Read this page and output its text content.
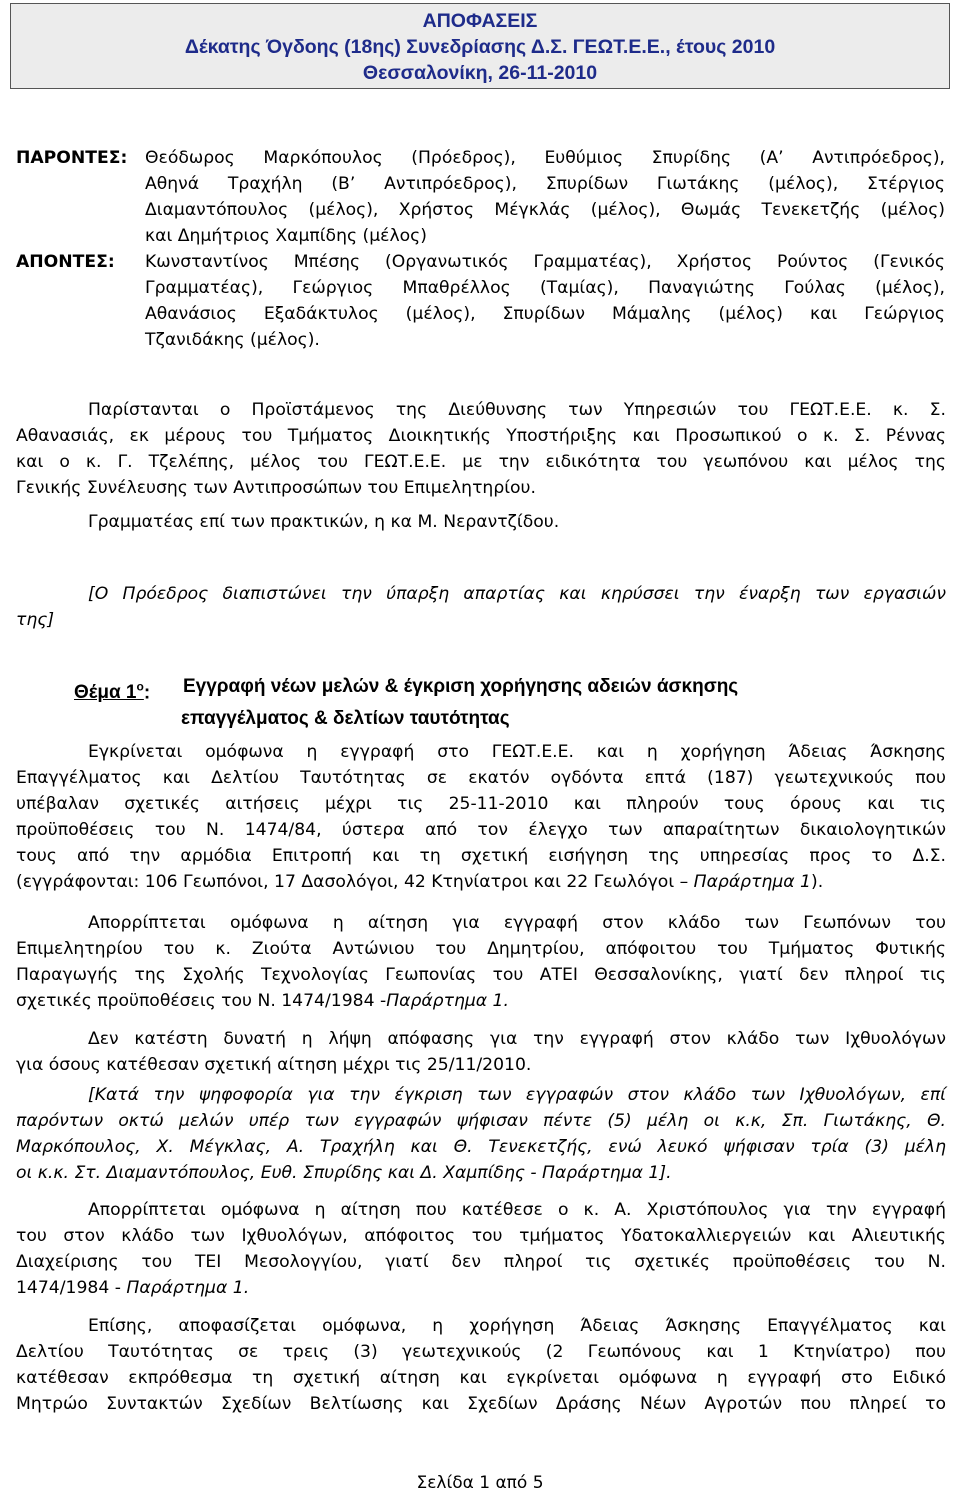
ΑΠΟΦΑΣΕΙΣ
Δέκατης Όγδοης (18ης) Συνεδρίασης Δ.Σ. ΓΕΩΤ.Ε.Ε., έτους 2010
Θεσσαλονίκη, 26-11-2010
ΠΑΡΟΝΤΕΣ: Θεόδωρος Μαρκόπουλος (Πρόεδρος), Ευθύμιος Σπυρίδης (Α’ Αντιπρόεδρος),
Αθηνά Τραχήλη (Β’ Αντιπρόεδρος), Σπυρίδων Γιωτάκης (μέλος), Στέργιος
Διαμαντόπουλος (μέλος), Χρήστος Μέγκλάς (μέλος), Θωμάς Τενεκετζής (μέλος)
και Δημήτριος Χαμπίδης (μέλος)
ΑΠΟΝΤΕΣ: Κωνσταντίνος Μπέσης (Οργανωτικός Γραμματέας), Χρήστος Ρούντος (Γενικός
Γραμματέας), Γεώργιος Μπαθρέλλος (Ταμίας), Παναγιώτης Γούλας (μέλος),
Αθανάσιος Εξαδάκτυλος (μέλος), Σπυρίδων Μάμαλης (μέλος) και Γεώργιος
Τζανιδάκης (μέλος).
Παρίστανται ο Προϊστάμενος της Διεύθυνσης των Υπηρεσιών του ΓΕΩΤ.Ε.Ε. κ. Σ.
Αθανασιάς, εκ μέρους του Τμήματος Διοικητικής Υποστήριξης και Προσωπικού ο κ. Σ. Ρέννας
και ο κ. Γ. Τζελέπης, μέλος του ΓΕΩΤ.Ε.Ε. με την ειδικότητα του γεωπόνου και μέλος της
Γενικής Συνέλευσης των Αντιπροσώπων του Επιμελητηρίου.
Γραμματέας επί των πρακτικών, η κα Μ. Νεραντζίδου.
[Ο Πρόεδρος διαπιστώνει την ύπαρξη απαρτίας και κηρύσσει την έναρξη των εργασιών
της]
Θέμα $1^o$: Εγγραφή νέων μελών & έγκριση χορήγησης αδειών άσκησης
επαγγέλματος & δελτίων ταυτότητας
Εγκρίνεται ομόφωνα η εγγραφή στο ΓΕΩΤ.Ε.Ε. και η χορήγηση Άδειας Άσκησης
Επαγγέλματος και Δελτίου Ταυτότητας σε εκατόν ογδόντα επτά (187) γεωτεχνικούς που
υπέβαλαν σχετικές αιτήσεις μέχρι τις 25-11-2010 και πληρούν τους όρους και τις
προϋποθέσεις του Ν. 1474/84, ύστερα από τον έλεγχο των απαραίτητων δικαιολογητικών
τους από την αρμόδια Επιτροπή και τη σχετική εισήγηση της υπηρεσίας προς το Δ.Σ.
(εγγράφονται: 106 Γεωπόνοι, 17 Δασολόγοι, 42 Κτηνίατροι και 22 Γεωλόγοι – Παράρτημα 1).
Απορρίπτεται ομόφωνα η αίτηση για εγγραφή στον κλάδο των Γεωπόνων του
Επιμελητηρίου του κ. Ζιούτα Αντώνιου του Δημητρίου, απόφοιτου του Τμήματος Φυτικής
Παραγωγής της Σχολής Τεχνολογίας Γεωπονίας του ΑΤΕΙ Θεσσαλονίκης, γιατί δεν πληροί τις
σχετικές προϋποθέσεις του Ν. 1474/1984 -Παράρτημα 1.
Δεν κατέστη δυνατή η λήψη απόφασης για την εγγραφή στον κλάδο των Ιχθυολόγων
για όσους κατέθεσαν σχετική αίτηση μέχρι τις 25/11/2010.
[Κατά την ψηφοφορία για την έγκριση των εγγραφών στον κλάδο των Ιχθυολόγων, επί
παρόντων οκτώ μελών υπέρ των εγγραφών ψήφισαν πέντε (5) μέλη οι κ.κ, Σπ. Γιωτάκης, Θ.
Μαρκόπουλος, Χ. Μέγκλας, Α. Τραχήλη και Θ. Τενεκετζής, ενώ λευκό ψήφισαν τρία (3) μέλη
οι κ.κ. Στ. Διαμαντόπουλος, Ευθ. Σπυρίδης και Δ. Χαμπίδης - Παράρτημα 1].
Απορρίπτεται ομόφωνα η αίτηση που κατέθεσε ο κ. Α. Χριστόπουλος για την εγγραφή
του στον κλάδο των Ιχθυολόγων, απόφοιτος του τμήματος Υδατοκαλλιεργειών και Αλιευτικής
Διαχείρισης του ΤΕΙ Μεσολογγίου, γιατί δεν πληροί τις σχετικές προϋποθέσεις του Ν.
1474/1984 - Παράρτημα 1.
Επίσης, αποφασίζεται ομόφωνα, η χορήγηση Άδειας Άσκησης Επαγγέλματος και
Δελτίου Ταυτότητας σε τρεις (3) γεωτεχνικούς (2 Γεωπόνους και 1 Κτηνίατρο) που
κατέθεσαν εκπρόθεσμα τη σχετική αίτηση και εγκρίνεται ομόφωνα η εγγραφή στο Ειδικό
Μητρώο Συντακτών Σχεδίων Βελτίωσης και Σχεδίων Δράσης Νέων Αγροτών που πληρεί το
Σελίδα 1 από 5
